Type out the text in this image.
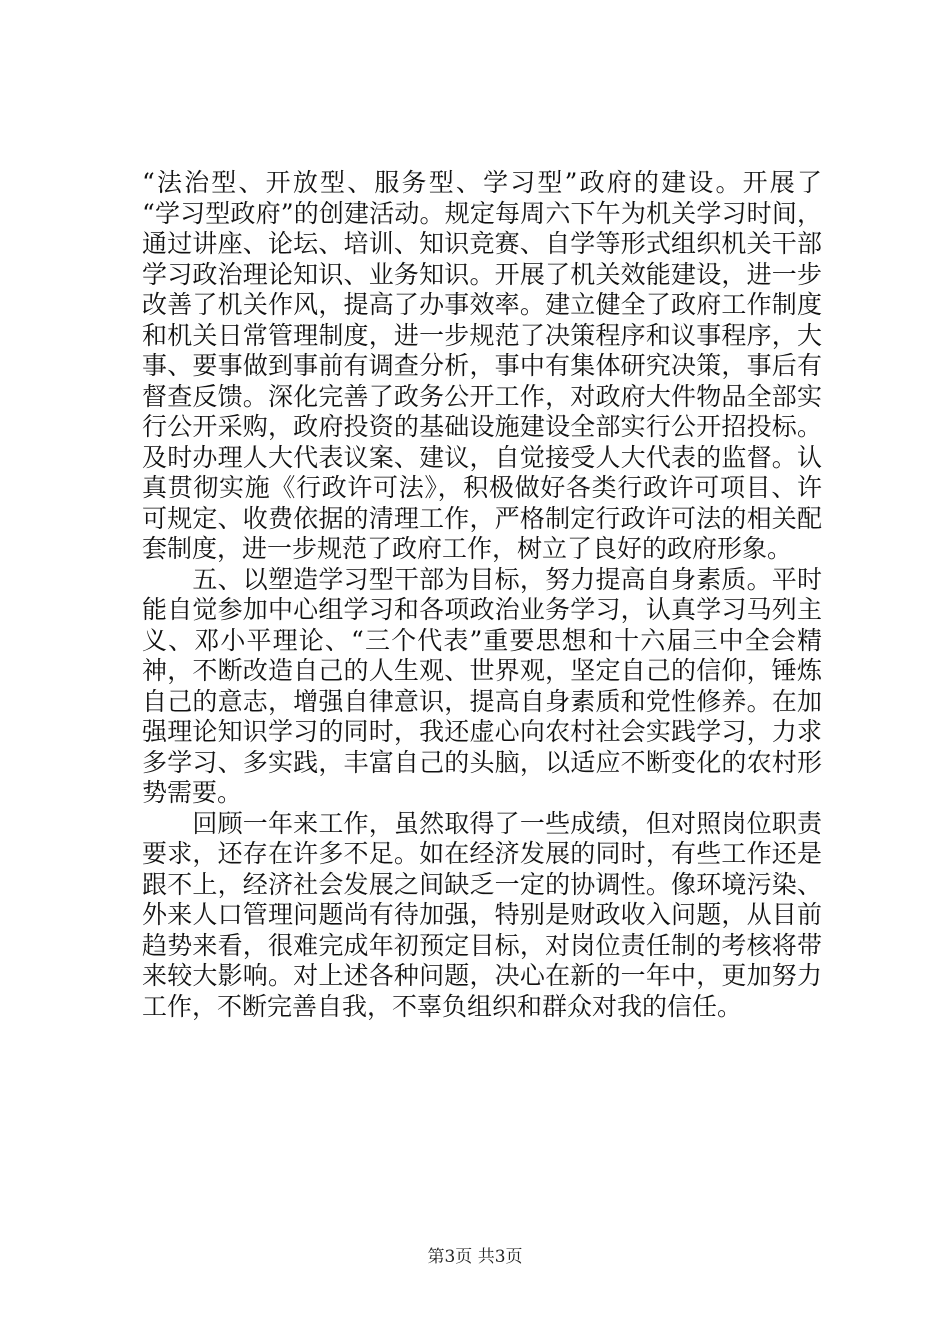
“法治型、开放型、服务型、学习型”政府的建设。开展了
“学习型政府”的创建活动。规定每周六下午为机关学习时间，
通过讲座、论坛、培训、知识竞赛、自学等形式组织机关干部
学习政治理论知识、业务知识。开展了机关效能建设，进一步
改善了机关作风，提高了办事效率。建立健全了政府工作制度
和机关日常管理制度，进一步规范了决策程序和议事程序，大
事、要事做到事前有调查分析，事中有集体研究决策，事后有
督查反馈。深化完善了政务公开工作，对政府大件物品全部实
行公开采购，政府投资的基础设施建设全部实行公开招投标。
及时办理人大代表议案、建议，自觉接受人大代表的监督。认
真贯彻实施《行政许可法》，积极做好各类行政许可项目、许
可规定、收费依据的清理工作，严格制定行政许可法的相关配
套制度，进一步规范了政府工作，树立了良好的政府形象。
　　五、以塑造学习型干部为目标，努力提高自身素质。平时
能自觉参加中心组学习和各项政治业务学习，认真学习马列主
义、邓小平理论、“三个代表”重要思想和十六届三中全会精
神，不断改造自己的人生观、世界观，坚定自己的信仰，锤炼
自己的意志，增强自律意识，提高自身素质和党性修养。在加
强理论知识学习的同时，我还虚心向农村社会实践学习，力求
多学习、多实践，丰富自己的头脑，以适应不断变化的农村形
势需要。
　　回顾一年来工作，虽然取得了一些成绩，但对照岗位职责
要求，还存在许多不足。如在经济发展的同时，有些工作还是
跟不上，经济社会发展之间缺乏一定的协调性。像环境污染、
外来人口管理问题尚有待加强，特别是财政收入问题，从目前
趋势来看，很难完成年初预定目标，对岗位责任制的考核将带
来较大影响。对上述各种问题，决心在新的一年中，更加努力
工作，不断完善自我，不辜负组织和群众对我的信任。
第3页 共3页
